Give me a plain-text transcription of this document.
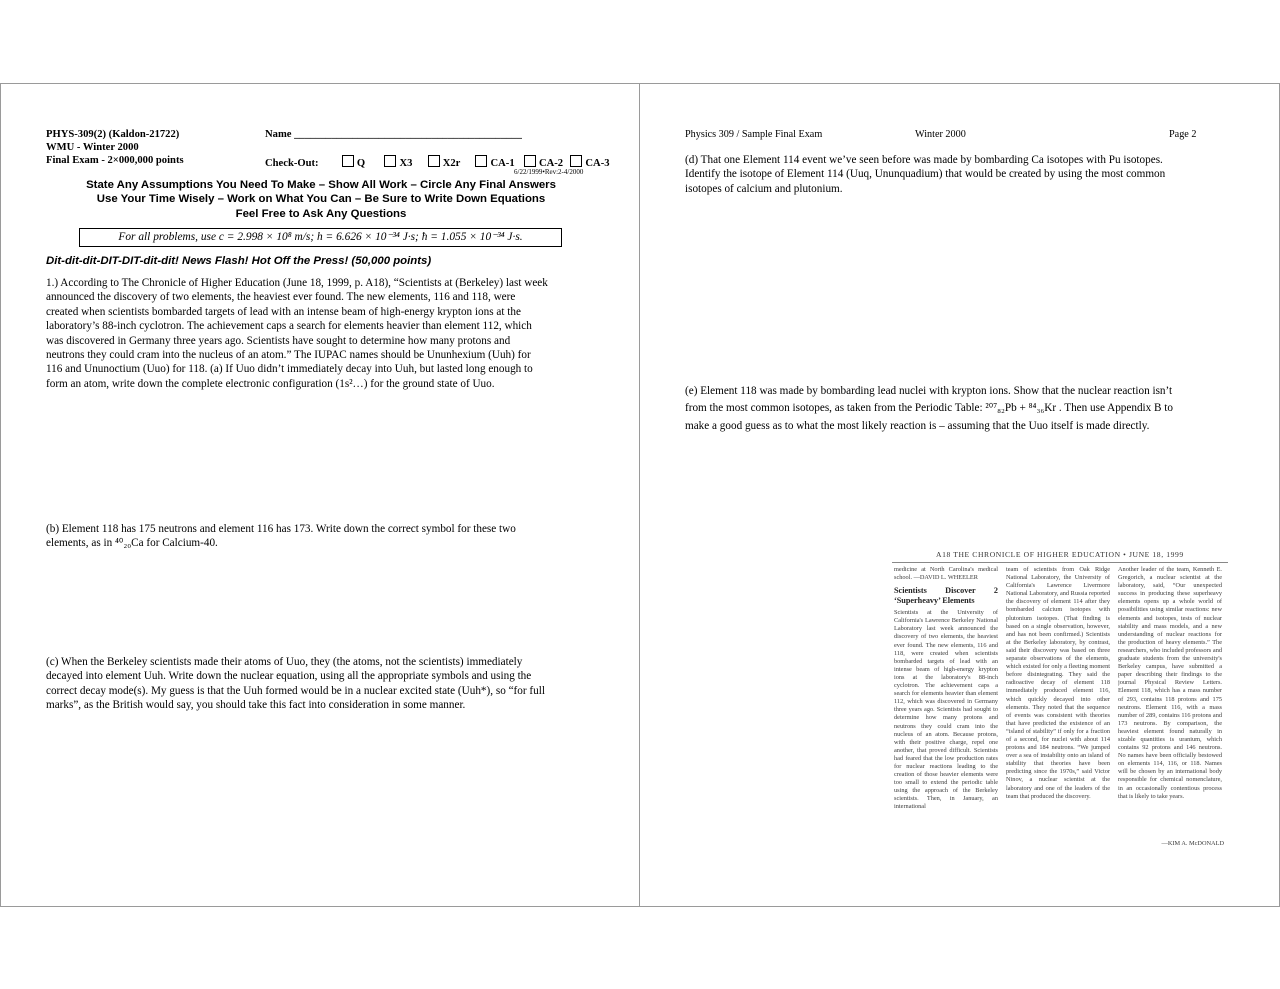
PHYS-309(2) (Kaldon-21722)
WMU - Winter 2000
Final Exam - 2×000,000 points
Name ___________________________________________
Check-Out:	Q	X3	X2r	CA-1 CA-2 CA-3
6/22/1999•Rev:2-4/2000
State Any Assumptions You Need To Make – Show All Work – Circle Any Final Answers
Use Your Time Wisely – Work on What You Can – Be Sure to Write Down Equations
Feel Free to Ask Any Questions
For all problems, use c = 2.998 × 10⁸ m/s; h = 6.626 × 10⁻³⁴ J·s; ħ = 1.055 × 10⁻³⁴ J·s.
Dit-dit-dit-DIT-DIT-dit-dit! News Flash! Hot Off the Press! (50,000 points)
1.) According to The Chronicle of Higher Education (June 18, 1999, p. A18), “Scientists at (Berkeley) last week
announced the discovery of two elements, the heaviest ever found. The new elements, 116 and 118, were
created when scientists bombarded targets of lead with an intense beam of high-energy krypton ions at the
laboratory’s 88-inch cyclotron. The achievement caps a search for elements heavier than element 112, which
was discovered in Germany three years ago. Scientists have sought to determine how many protons and
neutrons they could cram into the nucleus of an atom.” The IUPAC names should be Ununhexium (Uuh) for
116 and Ununoctium (Uuo) for 118. (a) If Uuo didn’t immediately decay into Uuh, but lasted long enough to
form an atom, write down the complete electronic configuration (1s²…) for the ground state of Uuo.
(b) Element 118 has 175 neutrons and element 116 has 173. Write down the correct symbol for these two
elements, as in ⁴⁰₂₀Ca for Calcium-40.
(c) When the Berkeley scientists made their atoms of Uuo, they (the atoms, not the scientists) immediately
decayed into element Uuh. Write down the nuclear equation, using all the appropriate symbols and using the
correct decay mode(s). My guess is that the Uuh formed would be in a nuclear excited state (Uuh*), so “for full
marks”, as the British would say, you should take this fact into consideration in some manner.
Physics 309 / Sample Final Exam	Winter 2000	Page 2
(d) That one Element 114 event we’ve seen before was made by bombarding Ca isotopes with Pu isotopes.
Identify the isotope of Element 114 (Uuq, Ununquadium) that would be created by using the most common
isotopes of calcium and plutonium.
(e) Element 118 was made by bombarding lead nuclei with krypton ions. Show that the nuclear reaction isn’t
from the most common isotopes, as taken from the Periodic Table: ²⁰⁷₈₂Pb + ⁸⁴₃₆Kr . Then use Appendix B to
make a good guess as to what the most likely reaction is – assuming that the Uuo itself is made directly.
A18 THE CHRONICLE OF HIGHER EDUCATION • JUNE 18, 1999
medicine at North Carolina's medical school. —DAVID L. WHEELER
Scientists Discover 2 ‘Superheavy’ Elements
Scientists at the University of California's Lawrence Berkeley National Laboratory last week announced the discovery of two elements, the heaviest ever found. The new elements, 116 and 118, were created when scientists bombarded targets of lead with an intense beam of high-energy krypton ions at the laboratory's 88-inch cyclotron. The achievement caps a search for elements heavier than element 112, which was discovered in Germany three years ago. Scientists had sought to determine how many protons and neutrons they could cram into the nucleus of an atom. Because protons, with their positive charge, repel one another, that proved difficult. Scientists had feared that the low production rates for nuclear reactions leading to the creation of those heavier elements were too small to extend the periodic table using the approach of the Berkeley scientists. Then, in January, an international
team of scientists from Oak Ridge National Laboratory, the University of California's Lawrence Livermore National Laboratory, and Russia reported the discovery of element 114 after they bombarded calcium isotopes with plutonium isotopes. (That finding is based on a single observation, however, and has not been confirmed.) Scientists at the Berkeley laboratory, by contrast, said their discovery was based on three separate observations of the elements, which existed for only a fleeting moment before disintegrating. They said the radioactive decay of element 118 immediately produced element 116, which quickly decayed into other elements. They noted that the sequence of events was consistent with theories that have predicted the existence of an “island of stability” if only for a fraction of a second, for nuclei with about 114 protons and 184 neutrons. “We jumped over a sea of instability onto an island of stability that theories have been predicting since the 1970s,” said Victor Ninov, a nuclear scientist at the laboratory and one of the leaders of the team that produced the discovery.
Another leader of the team, Kenneth E. Gregorich, a nuclear scientist at the laboratory, said, “Our unexpected success in producing these superheavy elements opens up a whole world of possibilities using similar reactions: new elements and isotopes, tests of nuclear stability and mass models, and a new understanding of nuclear reactions for the production of heavy elements.” The researchers, who included professors and graduate students from the university's Berkeley campus, have submitted a paper describing their findings to the journal Physical Review Letters. Element 118, which has a mass number of 293, contains 118 protons and 175 neutrons. Element 116, with a mass number of 289, contains 116 protons and 173 neutrons. By comparison, the heaviest element found naturally in sizable quantities is uranium, which contains 92 protons and 146 neutrons. No names have been officially bestowed on elements 114, 116, or 118. Names will be chosen by an international body responsible for chemical nomenclature, in an occasionally contentious process that is likely to take years.
—KIM A. McDONALD
